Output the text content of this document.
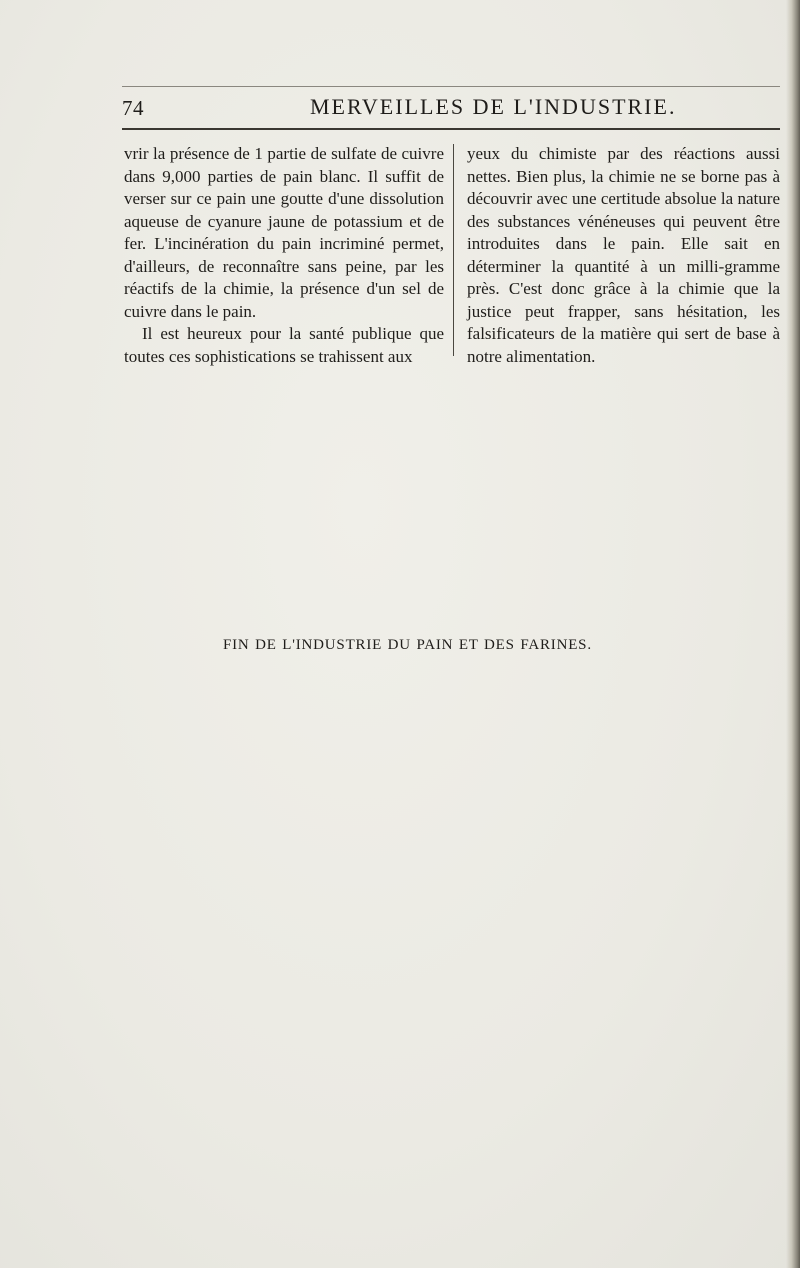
74	MERVEILLES DE L'INDUSTRIE.

vrir la présence de 1 partie de sulfate de cuivre dans 9,000 parties de pain blanc. Il suffit de verser sur ce pain une goutte d'une dissolution aqueuse de cyanure jaune de potassium et de fer. L'incinération du pain incriminé permet, d'ailleurs, de reconnaître sans peine, par les réactifs de la chimie, la présence d'un sel de cuivre dans le pain.

Il est heureux pour la santé publique que toutes ces sophistications se trahissent aux

yeux du chimiste par des réactions aussi nettes. Bien plus, la chimie ne se borne pas à découvrir avec une certitude absolue la nature des substances vénéneuses qui peuvent être introduites dans le pain. Elle sait en déterminer la quantité à un milli-gramme près. C'est donc grâce à la chimie que la justice peut frapper, sans hésitation, les falsificateurs de la matière qui sert de base à notre alimentation.

FIN DE L'INDUSTRIE DU PAIN ET DES FARINES.
